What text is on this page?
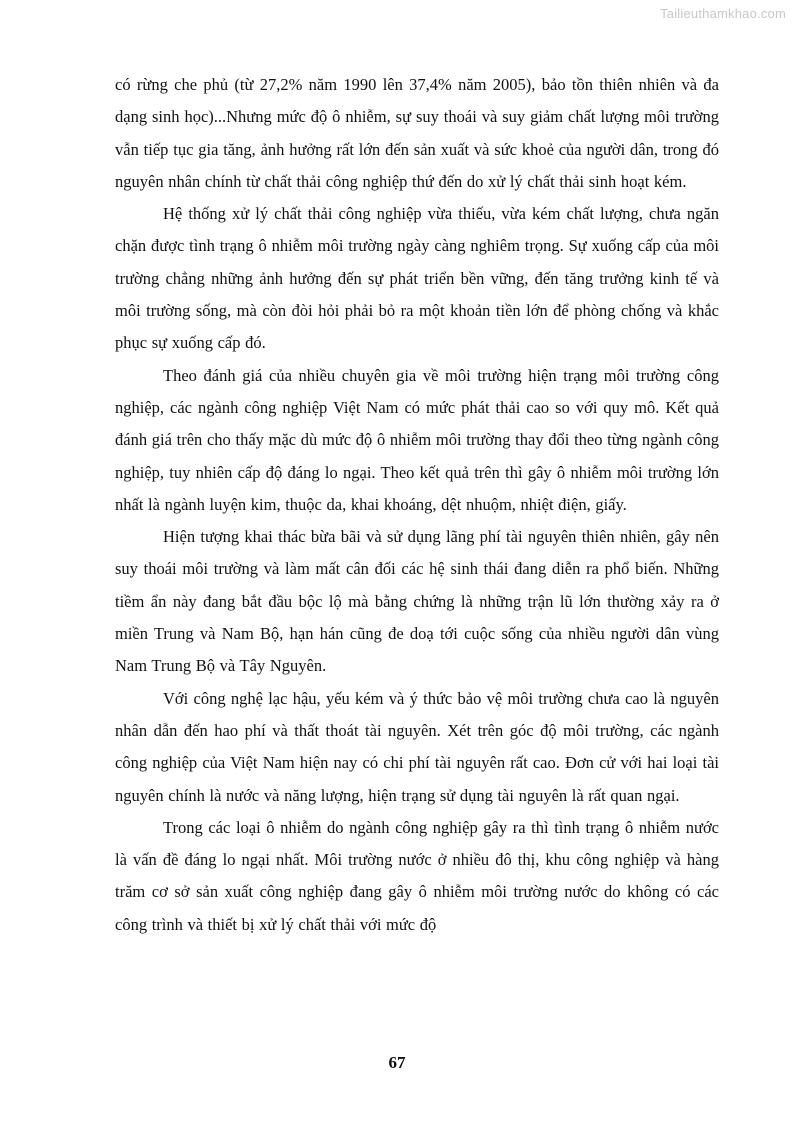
Tailieuthamkhao.com

có rừng che phủ (từ 27,2% năm 1990 lên 37,4% năm 2005), bảo tồn thiên nhiên và đa dạng sinh học)...Nhưng mức độ ô nhiễm, sự suy thoái và suy giảm chất lượng môi trường vẫn tiếp tục gia tăng, ảnh hưởng rất lớn đến sản xuất và sức khoẻ của người dân, trong đó nguyên nhân chính từ chất thải công nghiệp thứ đến do xử lý chất thải sinh hoạt kém.

Hệ thống xử lý chất thải công nghiệp vừa thiếu, vừa kém chất lượng, chưa ngăn chặn được tình trạng ô nhiễm môi trường ngày càng nghiêm trọng. Sự xuống cấp của môi trường chẳng những ảnh hưởng đến sự phát triển bền vững, đến tăng trưởng kinh tế và môi trường sống, mà còn đòi hỏi phải bỏ ra một khoản tiền lớn để phòng chống và khắc phục sự xuống cấp đó.

Theo đánh giá của nhiều chuyên gia về môi trường hiện trạng môi trường công nghiệp, các ngành công nghiệp Việt Nam có mức phát thải cao so với quy mô. Kết quả đánh giá trên cho thấy mặc dù mức độ ô nhiễm môi trường thay đổi theo từng ngành công nghiệp, tuy nhiên cấp độ đáng lo ngại. Theo kết quả trên thì gây ô nhiễm môi trường lớn nhất là ngành luyện kim, thuộc da, khai khoáng, dệt nhuộm, nhiệt điện, giấy.

Hiện tượng khai thác bừa bãi và sử dụng lãng phí tài nguyên thiên nhiên, gây nên suy thoái môi trường và làm mất cân đối các hệ sinh thái đang diễn ra phổ biến. Những tiềm ẩn này đang bắt đầu bộc lộ mà bằng chứng là những trận lũ lớn thường xảy ra ở miền Trung và Nam Bộ, hạn hán cũng đe doạ tới cuộc sống của nhiều người dân vùng Nam Trung Bộ và Tây Nguyên.

Với công nghệ lạc hậu, yếu kém và ý thức bảo vệ môi trường chưa cao là nguyên nhân dẫn đến hao phí và thất thoát tài nguyên. Xét trên góc độ môi trường, các ngành công nghiệp của Việt Nam hiện nay có chi phí tài nguyên rất cao. Đơn cử với hai loại tài nguyên chính là nước và năng lượng, hiện trạng sử dụng tài nguyên là rất quan ngại.

Trong các loại ô nhiễm do ngành công nghiệp gây ra thì tình trạng ô nhiễm nước là vấn đề đáng lo ngại nhất. Môi trường nước ở nhiều đô thị, khu công nghiệp và hàng trăm cơ sở sản xuất công nghiệp đang gây ô nhiễm môi trường nước do không có các công trình và thiết bị xử lý chất thải với mức độ

67
